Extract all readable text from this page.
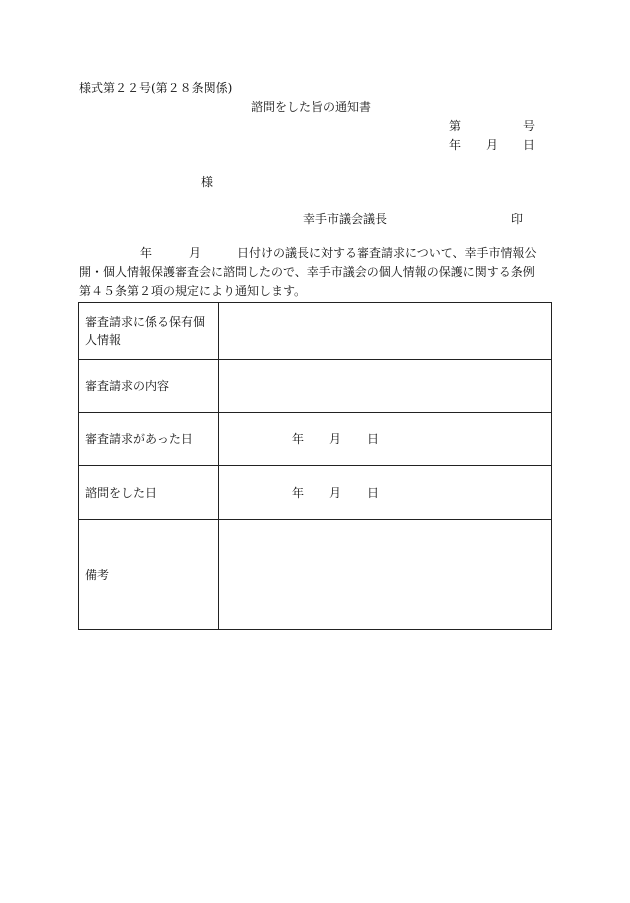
様式第２２号(第２８条関係)
諮問をした旨の通知書
第	号
年 月 日
様
幸手市議会議長	印
年	月	日付けの議長に対する審査請求について、幸手市情報公
開・個人情報保護審査会に諮問したので、幸手市議会の個人情報の保護に関する条例
第４５条第２項の規定により通知します。
審査請求に係る保有個
人情報	

審査請求の内容	
審査請求があった日	年 月 日
諮問をした日	年 月 日
備考	
